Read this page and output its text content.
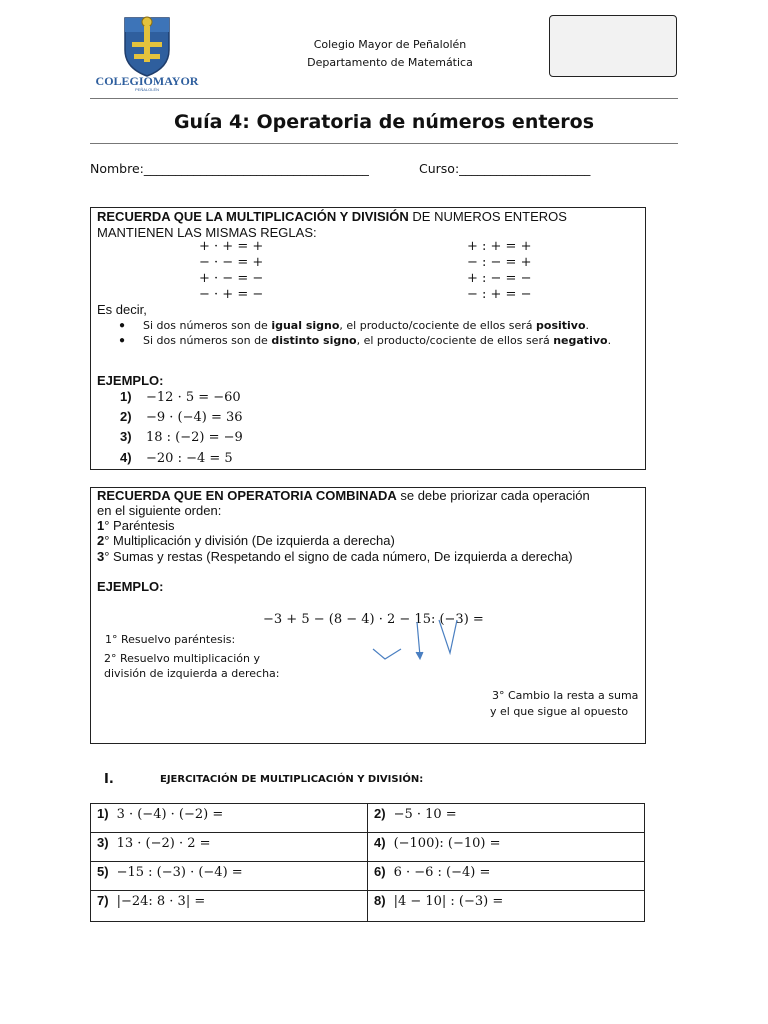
COLEGIOMAYOR
PEÑALOLÉN
Colegio Mayor de Peñalolén
Departamento de Matemática
Guía 4: Operatoria de números enteros
Nombre:____________________________________	Curso:_____________________
RECUERDA QUE LA MULTIPLICACIÓN Y DIVISIÓN DE NUMEROS ENTEROS
MANTIENEN LAS MISMAS REGLAS:
+ · + = +
− · − = +
+ · − = −
− · + = −
+ : + = +
− : − = +
+ : − = −
− : + = −
Es decir,
● Si dos números son de igual signo, el producto/cociente de ellos será positivo.
● Si dos números son de distinto signo, el producto/cociente de ellos será negativo.
EJEMPLO:
1) −12 · 5 = −60
2) −9 · (−4) = 36
3) 18 : (−2) = −9
4) −20 : −4 = 5
RECUERDA QUE EN OPERATORIA COMBINADA se debe priorizar cada operación
en el siguiente orden:
1° Paréntesis
2° Multiplicación y división (De izquierda a derecha)
3° Sumas y restas (Respetando el signo de cada número, De izquierda a derecha)
EJEMPLO:
−3 + 5 − (8 − 4) · 2 − 15: (−3) =
1° Resuelvo paréntesis:
2° Resuelvo multiplicación y
división de izquierda a derecha:
3° Cambio la resta a suma
y el que sigue al opuesto
I.	EJERCITACIÓN DE MULTIPLICACIÓN Y DIVISIÓN:
1) 3 · (−4) · (−2) =	2) −5 · 10 =
3) 13 · (−2) · 2 =	4) (−100): (−10) =
5) −15 : (−3) · (−4) =	6) 6 · −6 : (−4) =
7) |−24: 8 · 3| =	8) |4 − 10| : (−3) =
